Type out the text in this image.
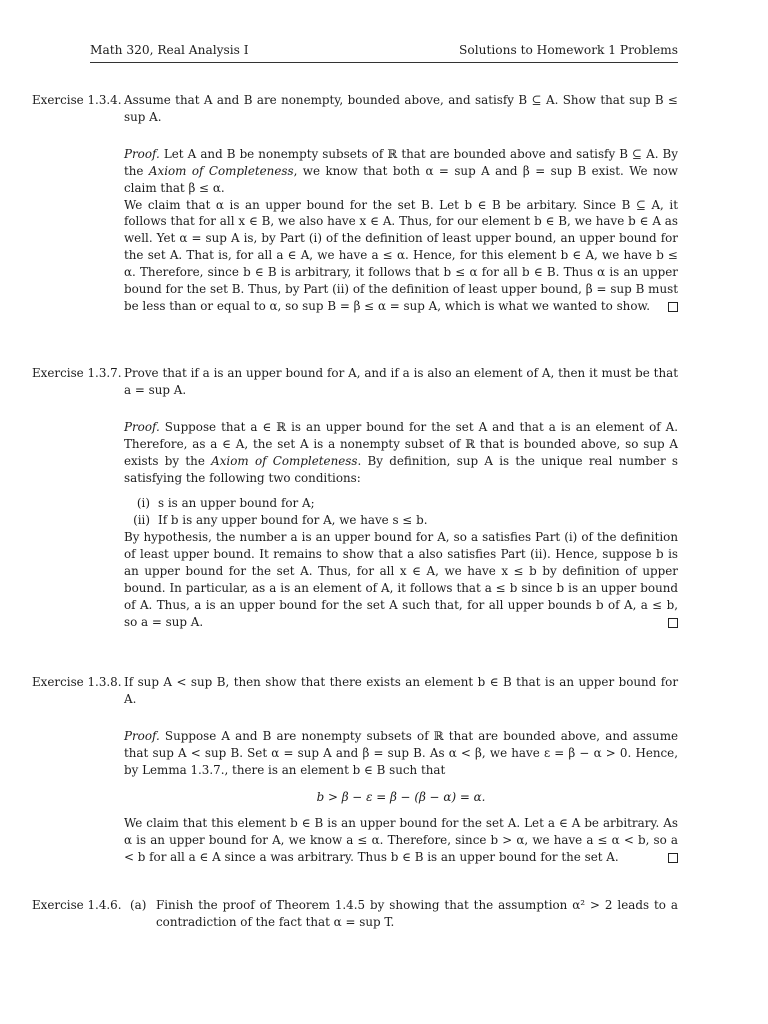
Math 320, Real Analysis I	Solutions to Homework 1 Problems
Exercise 1.3.4. Assume that A and B are nonempty, bounded above, and satisfy B ⊆ A. Show that sup B ≤ sup A.

Proof. Let A and B be nonempty subsets of ℝ that are bounded above and satisfy B ⊆ A. By the Axiom of Completeness, we know that both α = sup A and β = sup B exist. We now claim that β ≤ α.

We claim that α is an upper bound for the set B. Let b ∈ B be arbitary. Since B ⊆ A, it follows that for all x ∈ B, we also have x ∈ A. Thus, for our element b ∈ B, we have b ∈ A as well. Yet α = sup A is, by Part (i) of the definition of least upper bound, an upper bound for the set A. That is, for all a ∈ A, we have a ≤ α. Hence, for this element b ∈ A, we have b ≤ α. Therefore, since b ∈ B is arbitrary, it follows that b ≤ α for all b ∈ B. Thus α is an upper bound for the set B. Thus, by Part (ii) of the definition of least upper bound, β = sup B must be less than or equal to α, so sup B = β ≤ α = sup A, which is what we wanted to show.

Exercise 1.3.7. Prove that if a is an upper bound for A, and if a is also an element of A, then it must be that a = sup A.

Proof. Suppose that a ∈ ℝ is an upper bound for the set A and that a is an element of A. Therefore, as a ∈ A, the set A is a nonempty subset of ℝ that is bounded above, so sup A exists by the Axiom of Completeness. By definition, sup A is the unique real number s satisfying the following two conditions:

(i) s is an upper bound for A;
(ii) If b is any upper bound for A, we have s ≤ b.

By hypothesis, the number a is an upper bound for A, so a satisfies Part (i) of the definition of least upper bound. It remains to show that a also satisfies Part (ii). Hence, suppose b is an upper bound for the set A. Thus, for all x ∈ A, we have x ≤ b by definition of upper bound. In particular, as a is an element of A, it follows that a ≤ b since b is an upper bound of A. Thus, a is an upper bound for the set A such that, for all upper bounds b of A, a ≤ b, so a = sup A.

Exercise 1.3.8. If sup A < sup B, then show that there exists an element b ∈ B that is an upper bound for A.

Proof. Suppose A and B are nonempty subsets of ℝ that are bounded above, and assume that sup A < sup B. Set α = sup A and β = sup B. As α < β, we have ε = β − α > 0. Hence, by Lemma 1.3.7., there is an element b ∈ B such that

b > β − ε = β − (β − α) = α.

We claim that this element b ∈ B is an upper bound for the set A. Let a ∈ A be arbitrary. As α is an upper bound for A, we know a ≤ α. Therefore, since b > α, we have a ≤ α < b, so a < b for all a ∈ A since a was arbitrary. Thus b ∈ B is an upper bound for the set A.

Exercise 1.4.6. (a) Finish the proof of Theorem 1.4.5 by showing that the assumption α² > 2 leads to a contradiction of the fact that α = sup T.
